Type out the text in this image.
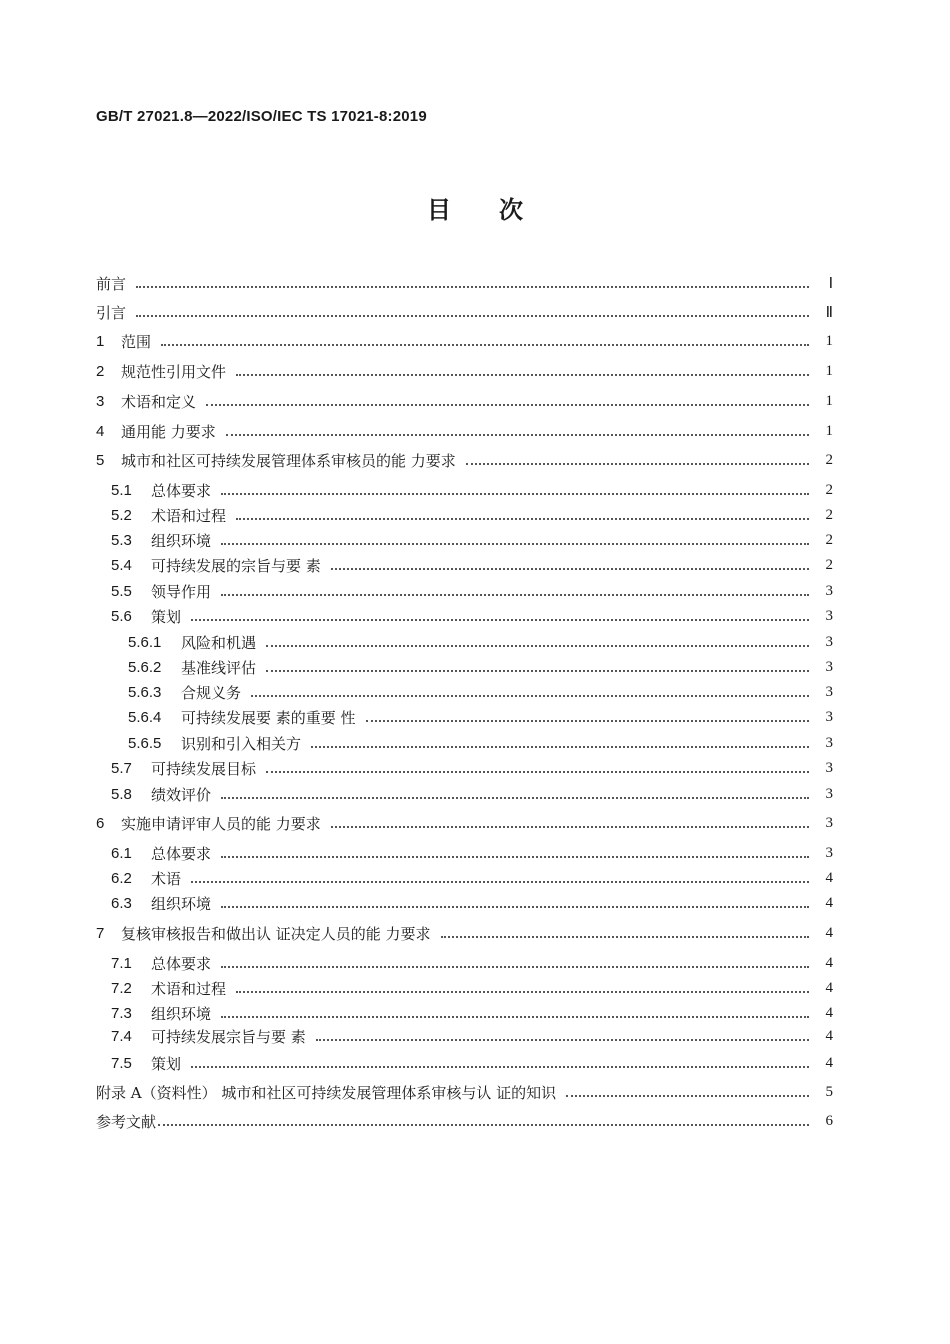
GB/T 27021.8—2022/ISO/IEC TS 17021-8:2019
目 次
前言	Ⅰ
引言	Ⅱ
1	范围	1
2	规范性引用文件	1
3	术语和定义	1
4	通用能 力要求	1
5	城市和社区可持续发展管理体系审核员的能 力要求	2
5.1	总体要求	2
5.2	术语和过程	2
5.3	组织环境	2
5.4	可持续发展的宗旨与要 素	2
5.5	领导作用	3
5.6	策划	3
5.6.1	风险和机遇	3
5.6.2	基准线评估	3
5.6.3	合规义务	3
5.6.4	可持续发展要 素的重要 性	3
5.6.5	识别和引入相关方	3
5.7	可持续发展目标	3
5.8	绩效评价	3
6	实施申请评审人员的能 力要求	3
6.1	总体要求	3
6.2	术语	4
6.3	组织环境	4
7	复核审核报告和做出认 证决定人员的能 力要求	4
7.1	总体要求	4
7.2	术语和过程	4
7.3	组织环境	4
7.4	可持续发展宗旨与要 素	4
7.5	策划	4
附录 A（资料性） 城市和社区可持续发展管理体系审核与认 证的知识	5
参考文献	6
